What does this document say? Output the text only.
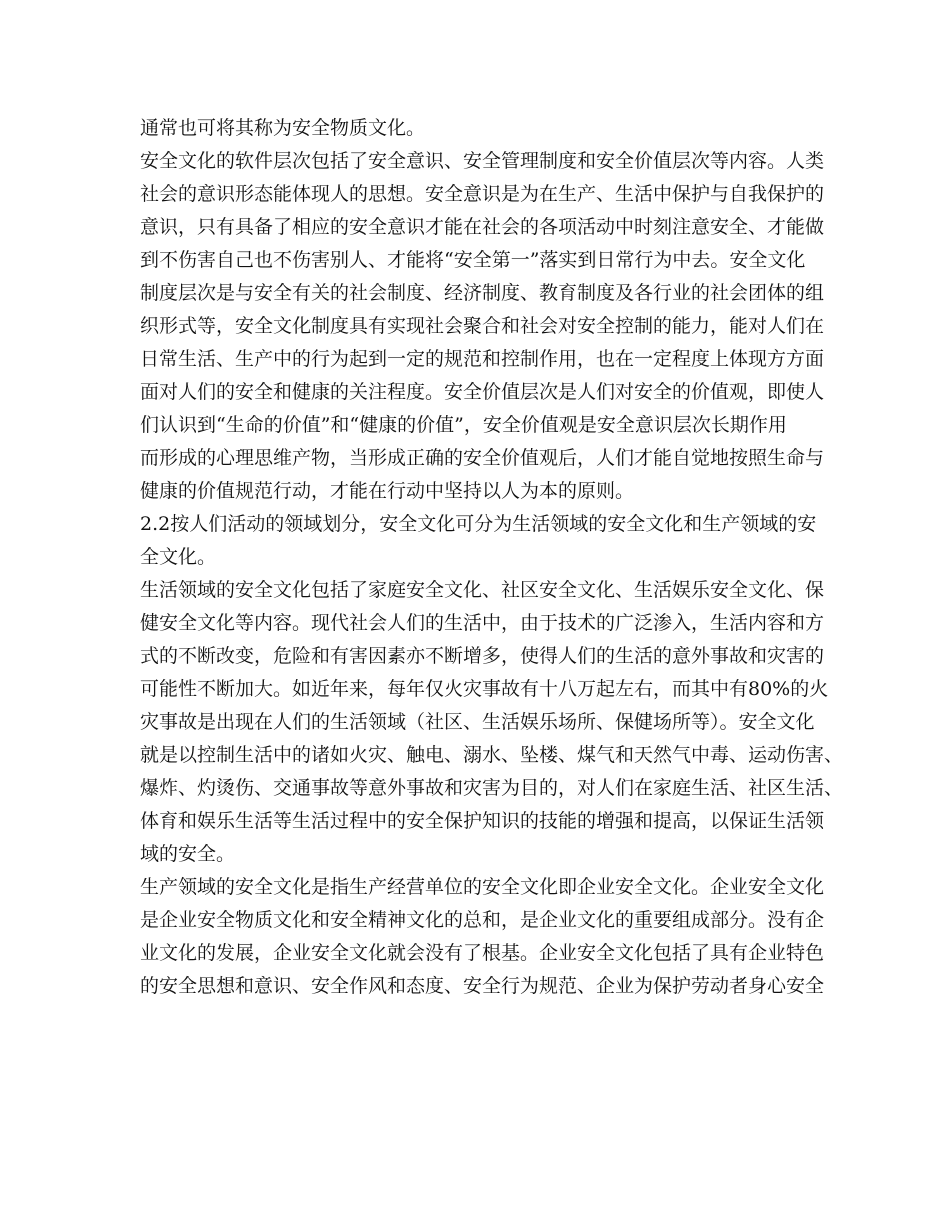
通常也可将其称为安全物质文化。
安全文化的软件层次包括了安全意识、安全管理制度和安全价值层次等内容。人类
社会的意识形态能体现人的思想。安全意识是为在生产、生活中保护与自我保护的
意识，只有具备了相应的安全意识才能在社会的各项活动中时刻注意安全、才能做
到不伤害自己也不伤害别人、才能将“安全第一”落实到日常行为中去。安全文化
制度层次是与安全有关的社会制度、经济制度、教育制度及各行业的社会团体的组
织形式等，安全文化制度具有实现社会聚合和社会对安全控制的能力，能对人们在
日常生活、生产中的行为起到一定的规范和控制作用，也在一定程度上体现方方面
面对人们的安全和健康的关注程度。安全价值层次是人们对安全的价值观，即使人
们认识到“生命的价值”和“健康的价值”，安全价值观是安全意识层次长期作用
而形成的心理思维产物，当形成正确的安全价值观后，人们才能自觉地按照生命与
健康的价值规范行动，才能在行动中坚持以人为本的原则。
2.2按人们活动的领域划分，安全文化可分为生活领域的安全文化和生产领域的安
全文化。
生活领域的安全文化包括了家庭安全文化、社区安全文化、生活娱乐安全文化、保
健安全文化等内容。现代社会人们的生活中，由于技术的广泛渗入，生活内容和方
式的不断改变，危险和有害因素亦不断增多，使得人们的生活的意外事故和灾害的
可能性不断加大。如近年来，每年仅火灾事故有十八万起左右，而其中有80%的火
灾事故是出现在人们的生活领域（社区、生活娱乐场所、保健场所等）。安全文化
就是以控制生活中的诸如火灾、触电、溺水、坠楼、煤气和天然气中毒、运动伤害、
爆炸、灼烫伤、交通事故等意外事故和灾害为目的，对人们在家庭生活、社区生活、
体育和娱乐生活等生活过程中的安全保护知识的技能的增强和提高，以保证生活领
域的安全。
生产领域的安全文化是指生产经营单位的安全文化即企业安全文化。企业安全文化
是企业安全物质文化和安全精神文化的总和，是企业文化的重要组成部分。没有企
业文化的发展，企业安全文化就会没有了根基。企业安全文化包括了具有企业特色
的安全思想和意识、安全作风和态度、安全行为规范、企业为保护劳动者身心安全
